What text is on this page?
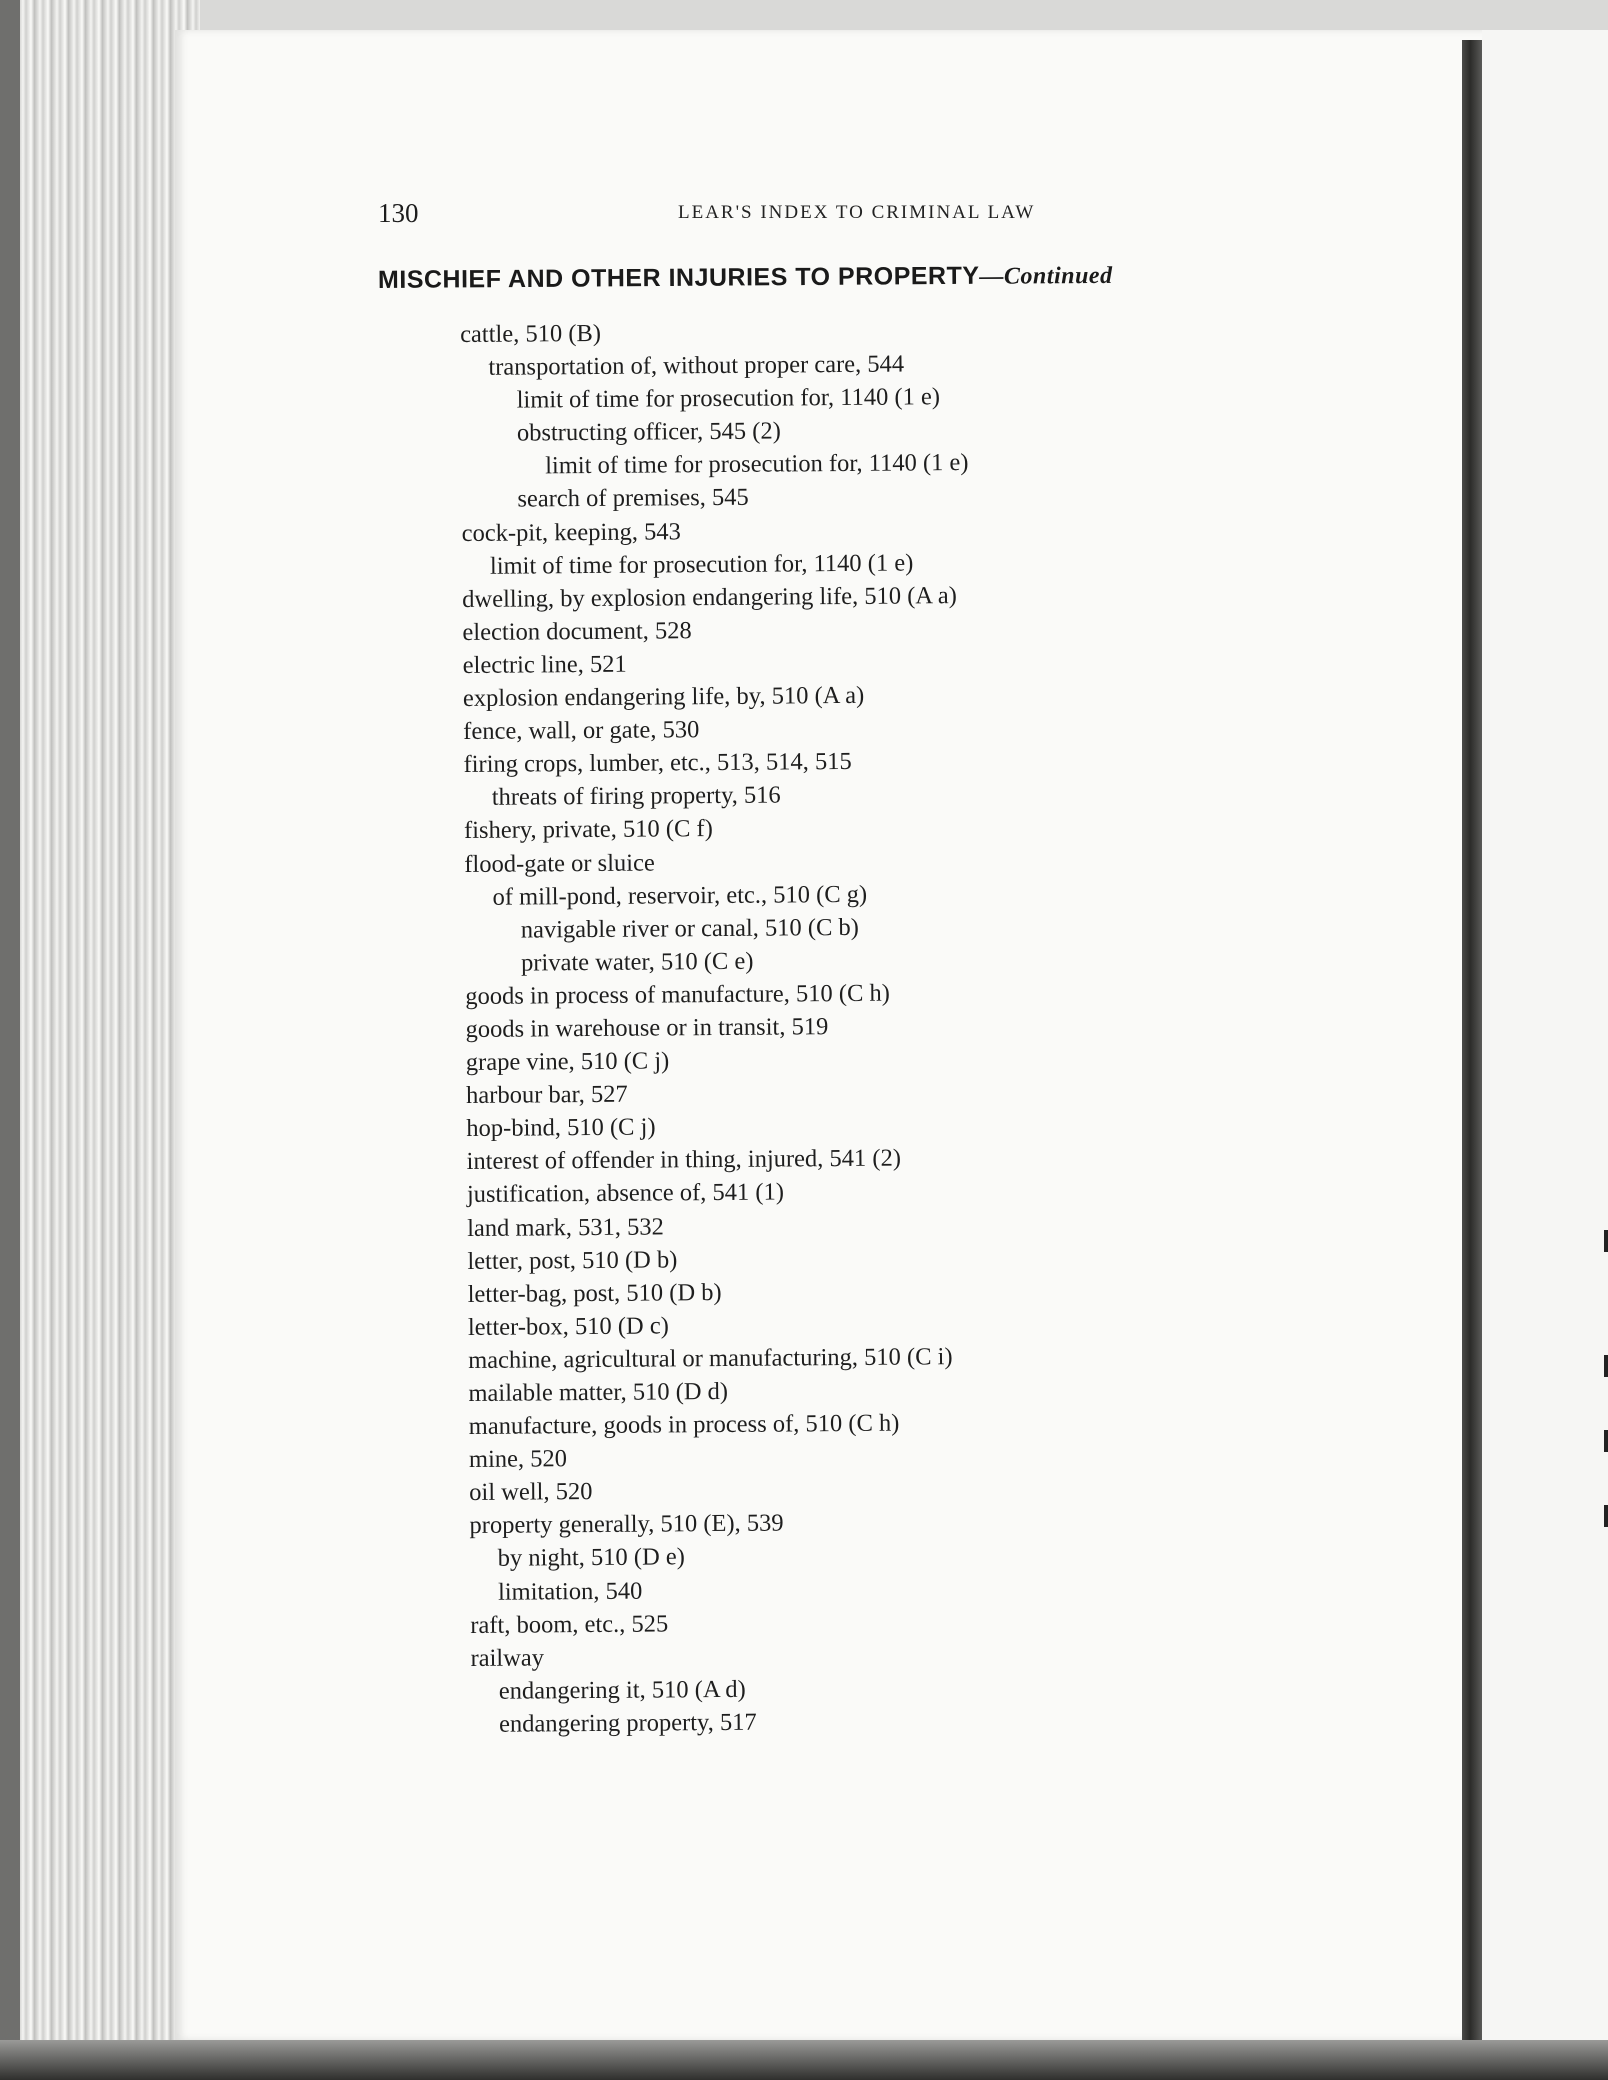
130	LEAR'S INDEX TO CRIMINAL LAW
MISCHIEF AND OTHER INJURIES TO PROPERTY—Continued
cattle, 510 (B)
transportation of, without proper care, 544
limit of time for prosecution for, 1140 (1 e)
obstructing officer, 545 (2)
limit of time for prosecution for, 1140 (1 e)
search of premises, 545
cock-pit, keeping, 543
limit of time for prosecution for, 1140 (1 e)
dwelling, by explosion endangering life, 510 (A a)
election document, 528
electric line, 521
explosion endangering life, by, 510 (A a)
fence, wall, or gate, 530
firing crops, lumber, etc., 513, 514, 515
threats of firing property, 516
fishery, private, 510 (C f)
flood-gate or sluice
of mill-pond, reservoir, etc., 510 (C g)
navigable river or canal, 510 (C b)
private water, 510 (C e)
goods in process of manufacture, 510 (C h)
goods in warehouse or in transit, 519
grape vine, 510 (C j)
harbour bar, 527
hop-bind, 510 (C j)
interest of offender in thing, injured, 541 (2)
justification, absence of, 541 (1)
land mark, 531, 532
letter, post, 510 (D b)
letter-bag, post, 510 (D b)
letter-box, 510 (D c)
machine, agricultural or manufacturing, 510 (C i)
mailable matter, 510 (D d)
manufacture, goods in process of, 510 (C h)
mine, 520
oil well, 520
property generally, 510 (E), 539
by night, 510 (D e)
limitation, 540
raft, boom, etc., 525
railway
endangering it, 510 (A d)
endangering property, 517
